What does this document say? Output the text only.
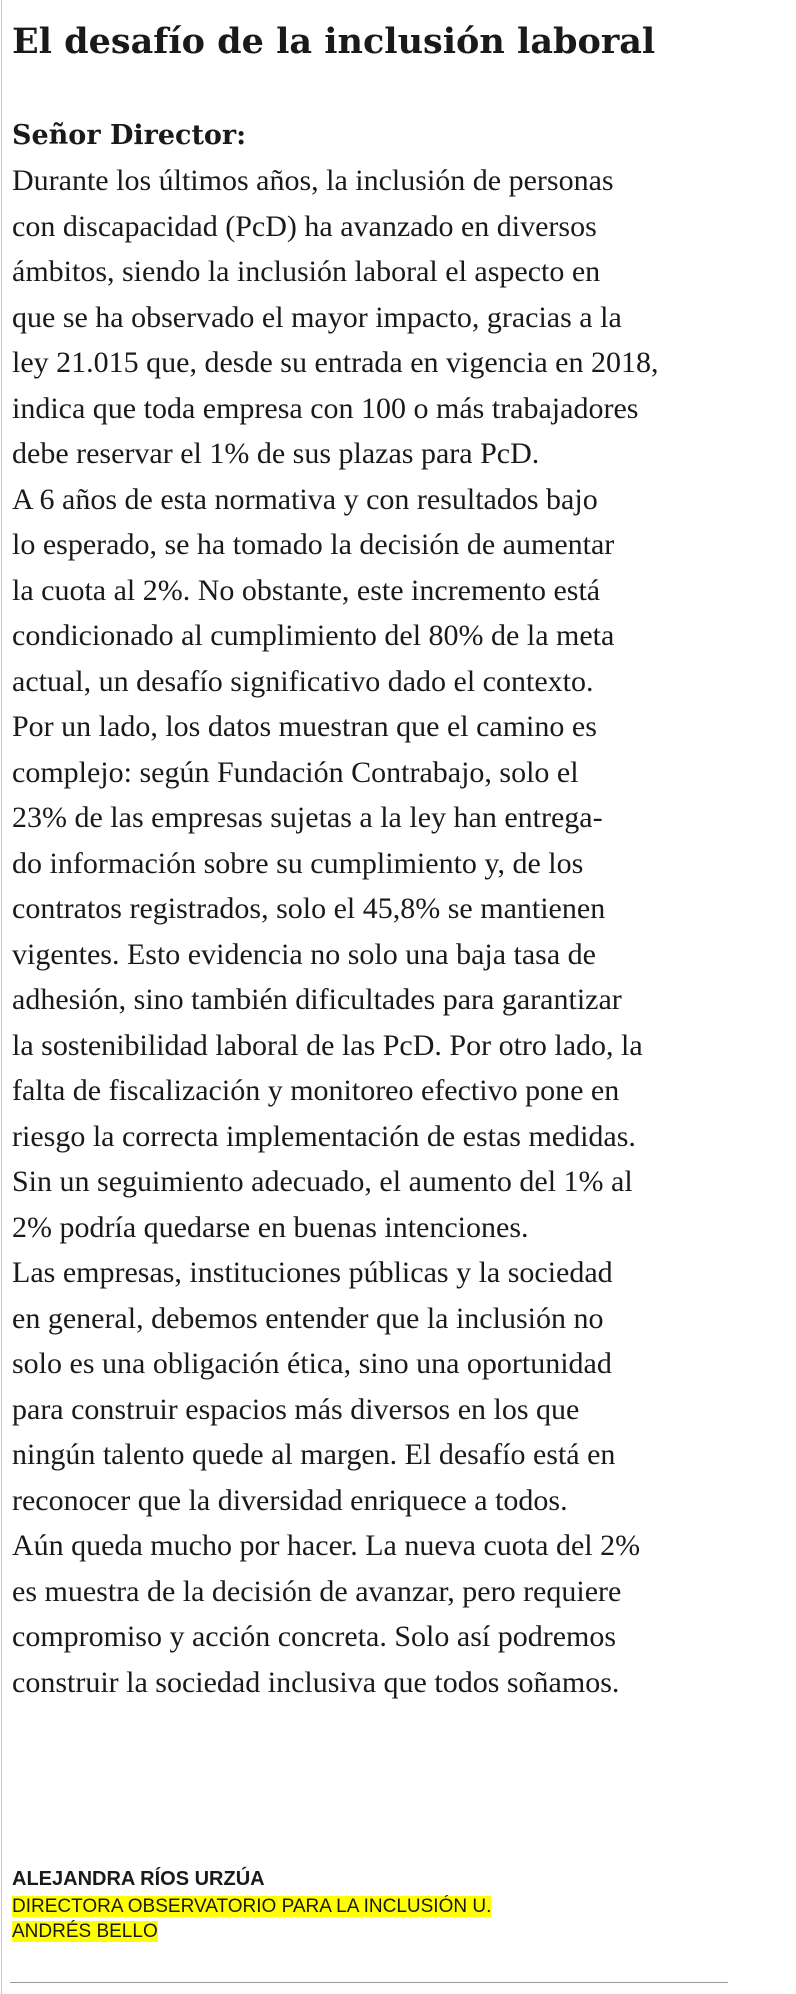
El desafío de la inclusión laboral

Señor Director:

Durante los últimos años, la inclusión de personas
con discapacidad (PcD) ha avanzado en diversos
ámbitos, siendo la inclusión laboral el aspecto en
que se ha observado el mayor impacto, gracias a la
ley 21.015 que, desde su entrada en vigencia en 2018,
indica que toda empresa con 100 o más trabajadores
debe reservar el 1% de sus plazas para PcD.
A 6 años de esta normativa y con resultados bajo
lo esperado, se ha tomado la decisión de aumentar
la cuota al 2%. No obstante, este incremento está
condicionado al cumplimiento del 80% de la meta
actual, un desafío significativo dado el contexto.
Por un lado, los datos muestran que el camino es
complejo: según Fundación Contrabajo, solo el
23% de las empresas sujetas a la ley han entrega-
do información sobre su cumplimiento y, de los
contratos registrados, solo el 45,8% se mantienen
vigentes. Esto evidencia no solo una baja tasa de
adhesión, sino también dificultades para garantizar
la sostenibilidad laboral de las PcD. Por otro lado, la
falta de fiscalización y monitoreo efectivo pone en
riesgo la correcta implementación de estas medidas.
Sin un seguimiento adecuado, el aumento del 1% al
2% podría quedarse en buenas intenciones.
Las empresas, instituciones públicas y la sociedad
en general, debemos entender que la inclusión no
solo es una obligación ética, sino una oportunidad
para construir espacios más diversos en los que
ningún talento quede al margen. El desafío está en
reconocer que la diversidad enriquece a todos.
Aún queda mucho por hacer. La nueva cuota del 2%
es muestra de la decisión de avanzar, pero requiere
compromiso y acción concreta. Solo así podremos
construir la sociedad inclusiva que todos soñamos.

ALEJANDRA RÍOS URZÚA

DIRECTORA OBSERVATORIO PARA LA INCLUSIÓN U.
ANDRÉS BELLO
